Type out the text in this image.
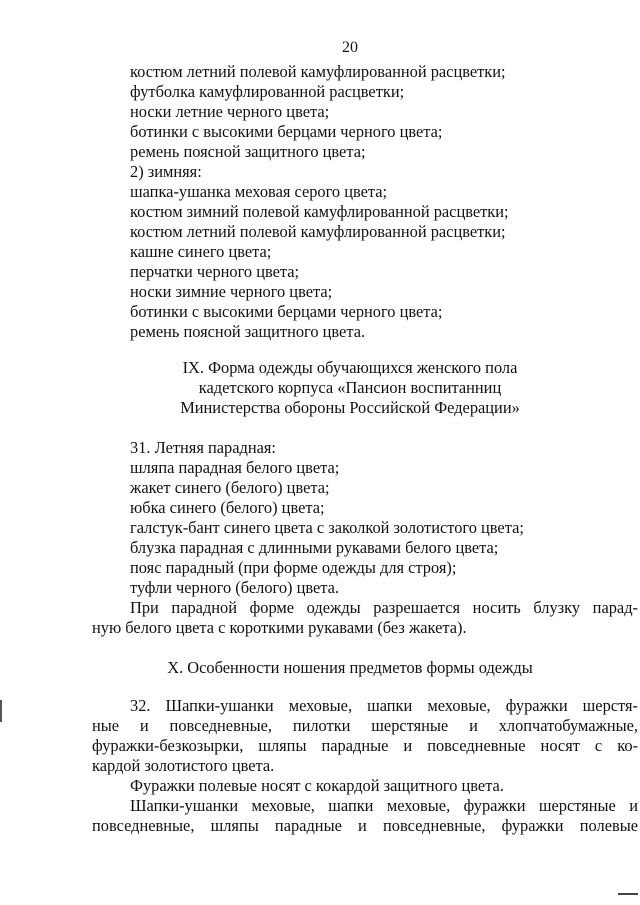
20
костюм летний полевой камуфлированной расцветки;
футболка камуфлированной расцветки;
носки летние черного цвета;
ботинки с высокими берцами черного цвета;
ремень поясной защитного цвета;
2) зимняя:
шапка-ушанка меховая серого цвета;
костюм зимний полевой камуфлированной расцветки;
костюм летний полевой камуфлированной расцветки;
кашне синего цвета;
перчатки черного цвета;
носки зимние черного цвета;
ботинки с высокими берцами черного цвета;
ремень поясной защитного цвета.
IX. Форма одежды обучающихся женского пола
кадетского корпуса «Пансион воспитанниц
Министерства обороны Российской Федерации»
31. Летняя парадная:
шляпа парадная белого цвета;
жакет синего (белого) цвета;
юбка синего (белого) цвета;
галстук-бант синего цвета с заколкой золотистого цвета;
блузка парадная с длинными рукавами белого цвета;
пояс парадный (при форме одежды для строя);
туфли черного (белого) цвета.
При парадной форме одежды разрешается носить блузку парад-
ную белого цвета с короткими рукавами (без жакета).
X. Особенности ношения предметов формы одежды
32. Шапки-ушанки меховые, шапки меховые, фуражки шерстя-
ные и повседневные, пилотки шерстяные и хлопчатобумажные,
фуражки-безкозырки, шляпы парадные и повседневные носят с ко-
кардой золотистого цвета.
Фуражки полевые носят с кокардой защитного цвета.
Шапки-ушанки меховые, шапки меховые, фуражки шерстяные и
повседневные, шляпы парадные и повседневные, фуражки полевые
